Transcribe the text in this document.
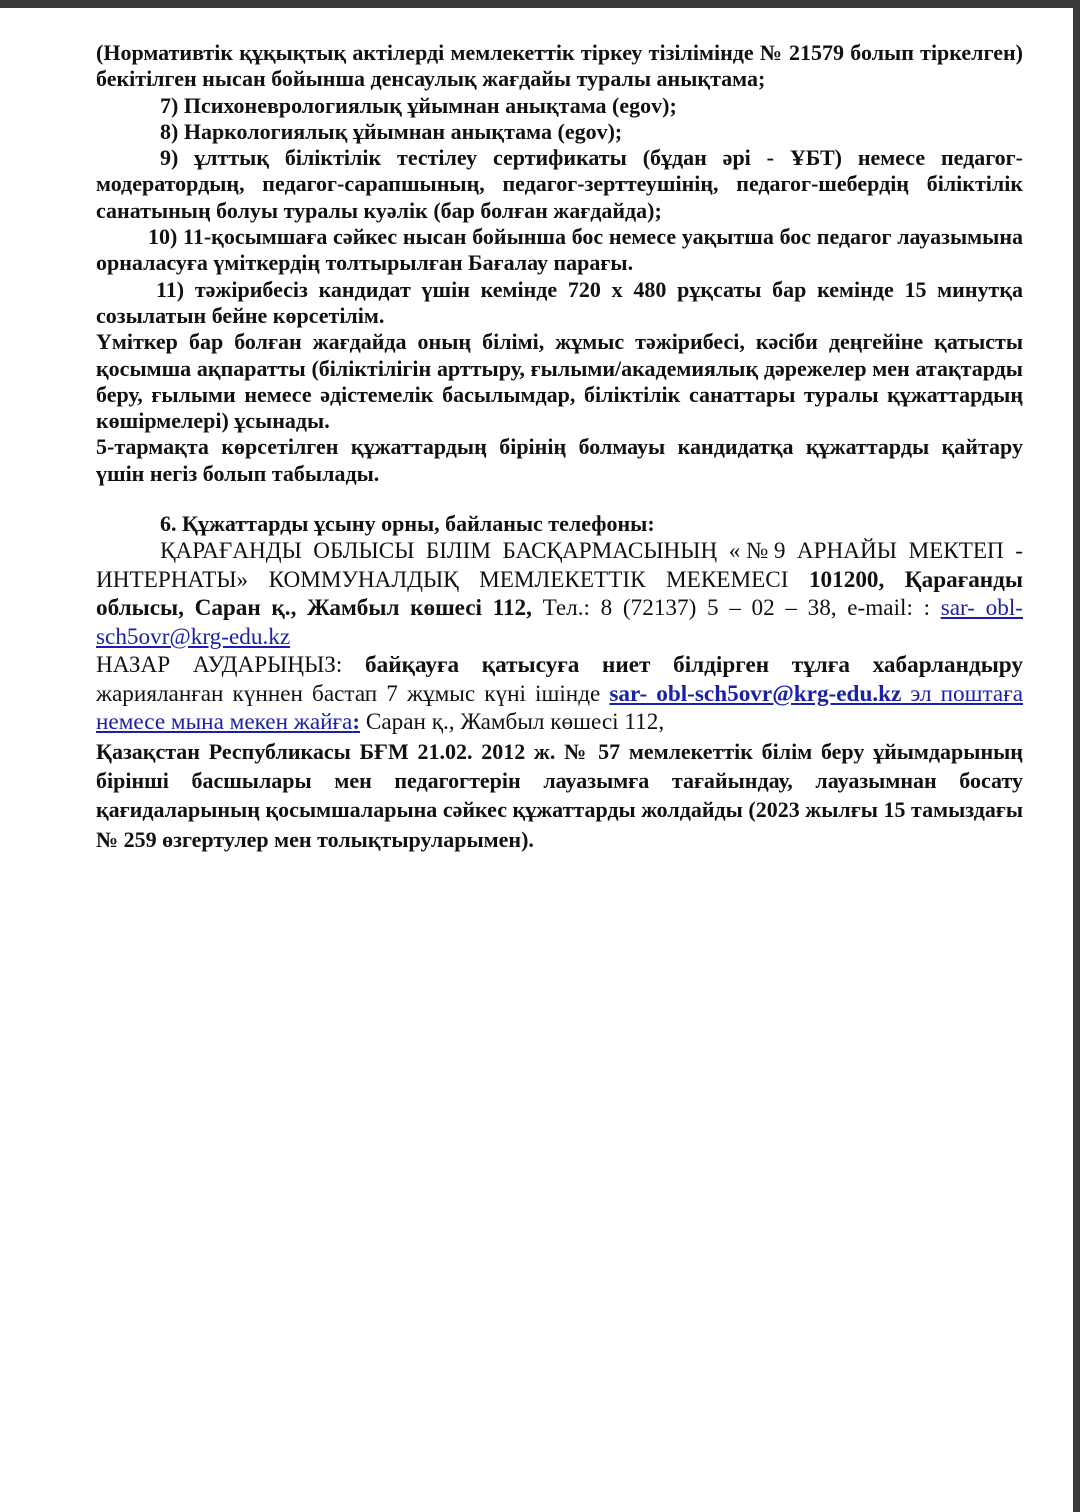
(Нормативтік құқықтық актілерді мемлекеттік тіркеу тізілімінде № 21579 болып тіркелген) бекітілген нысан бойынша денсаулық жағдайы туралы анықтама;

7) Психоневрологиялық ұйымнан анықтама (egov);

8) Наркологиялық ұйымнан анықтама (egov);

9) ұлттық біліктілік тестілеу сертификаты (бұдан әрі - ҰБТ) немесе педагог-модератордың, педагог-сарапшының, педагог-зерттеушінің, педагог-шебердің біліктілік санатының болуы туралы куәлік (бар болған жағдайда);

10) 11-қосымшаға сәйкес нысан бойынша бос немесе уақытша бос педагог лауазымына орналасуға үміткердің толтырылған Бағалау парағы.

11) тәжірибесіз кандидат үшін кемінде 720 x 480 рұқсаты бар кемінде 15 минутқа созылатын бейне көрсетілім.

Үміткер бар болған жағдайда оның білімі, жұмыс тәжірибесі, кәсіби деңгейіне қатысты қосымша ақпаратты (біліктілігін арттыру, ғылыми/академиялық дәрежелер мен атақтарды беру, ғылыми немесе әдістемелік басылымдар, біліктілік санаттары туралы құжаттардың көшірмелері) ұсынады.

5-тармақта көрсетілген құжаттардың бірінің болмауы кандидатқа құжаттарды қайтару үшін негіз болып табылады.

6. Құжаттарды ұсыну орны, байланыс телефоны:

ҚАРАҒАНДЫ ОБЛЫСЫ БІЛІМ БАСҚАРМАСЫНЫҢ «№9 АРНАЙЫ МЕКТЕП - ИНТЕРНАТЫ» КОММУНАЛДЫҚ МЕМЛЕКЕТТІК МЕКЕМЕСІ 101200, Қарағанды облысы, Саран қ., Жамбыл көшесі 112, Тел.: 8 (72137) 5 – 02 – 38, e-mail: : sar- obl-sch5ovr@krg-edu.kz

НАЗАР АУДАРЫҢЫЗ: байқауға қатысуға ниет білдірген тұлға хабарландыру жарияланған күннен бастап 7 жұмыс күні ішінде sar- obl-sch5ovr@krg-edu.kz эл поштаға немесе мына мекен жайға: Саран қ., Жамбыл көшесі 112,

Қазақстан Республикасы БҒМ 21.02. 2012 ж. № 57 мемлекеттік білім беру ұйымдарының бірінші басшылары мен педагогтерін лауазымға тағайындау, лауазымнан босату қағидаларының қосымшаларына сәйкес құжаттарды жолдайды (2023 жылғы 15 тамыздағы № 259 өзгертулер мен толықтыруларымен).
